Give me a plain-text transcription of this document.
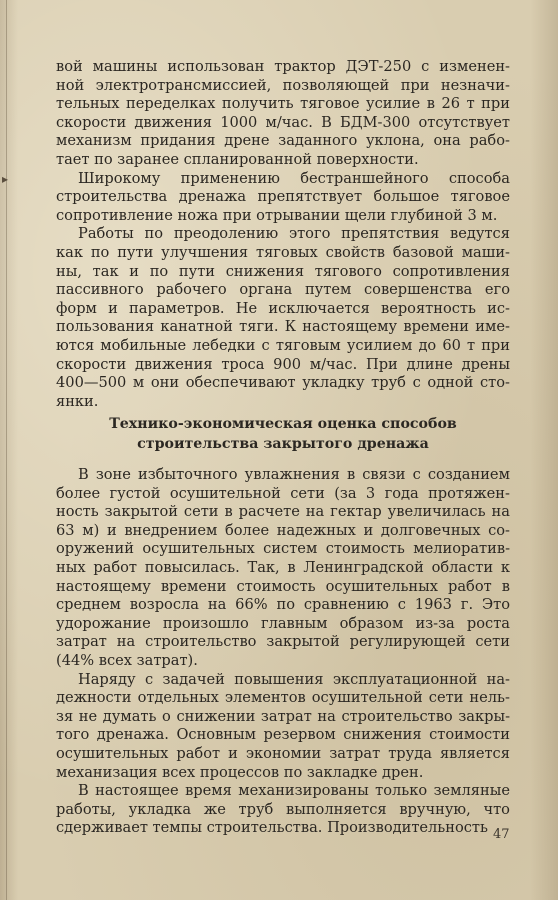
▸
вой машины использован трактор ДЭТ-250 с изменен-
ной электротрансмиссией, позволяющей при незначи-
тельных переделках получить тяговое усилие в 26 т при
скорости движения 1000 м/час. В БДМ-300 отсутствует
механизм придания дрене заданного уклона, она рабо-
тает по заранее спланированной поверхности.
Широкому применению бестраншейного способа
строительства дренажа препятствует большое тяговое
сопротивление ножа при отрывании щели глубиной 3 м.
Работы по преодолению этого препятствия ведутся
как по пути улучшения тяговых свойств базовой маши-
ны, так и по пути снижения тягового сопротивления
пассивного рабочего органа путем совершенства его
форм и параметров. Не исключается вероятность ис-
пользования канатной тяги. К настоящему времени име-
ются мобильные лебедки с тяговым усилием до 60 т при
скорости движения троса 900 м/час. При длине дрены
400—500 м они обеспечивают укладку труб с одной сто-
янки.
Технико-экономическая оценка способов
строительства закрытого дренажа
В зоне избыточного увлажнения в связи с созданием
более густой осушительной сети (за 3 года протяжен-
ность закрытой сети в расчете на гектар увеличилась на
63 м) и внедрением более надежных и долговечных со-
оружений осушительных систем стоимость мелиоратив-
ных работ повысилась. Так, в Ленинградской области к
настоящему времени стоимость осушительных работ в
среднем возросла на 66% по сравнению с 1963 г. Это
удорожание произошло главным образом из-за роста
затрат на строительство закрытой регулирующей сети
(44% всех затрат).
Наряду с задачей повышения эксплуатационной на-
дежности отдельных элементов осушительной сети нель-
зя не думать о снижении затрат на строительство закры-
того дренажа. Основным резервом снижения стоимости
осушительных работ и экономии затрат труда является
механизация всех процессов по закладке дрен.
В настоящее время механизированы только земляные
работы, укладка же труб выполняется вручную, что
сдерживает темпы строительства. Производительность 47
